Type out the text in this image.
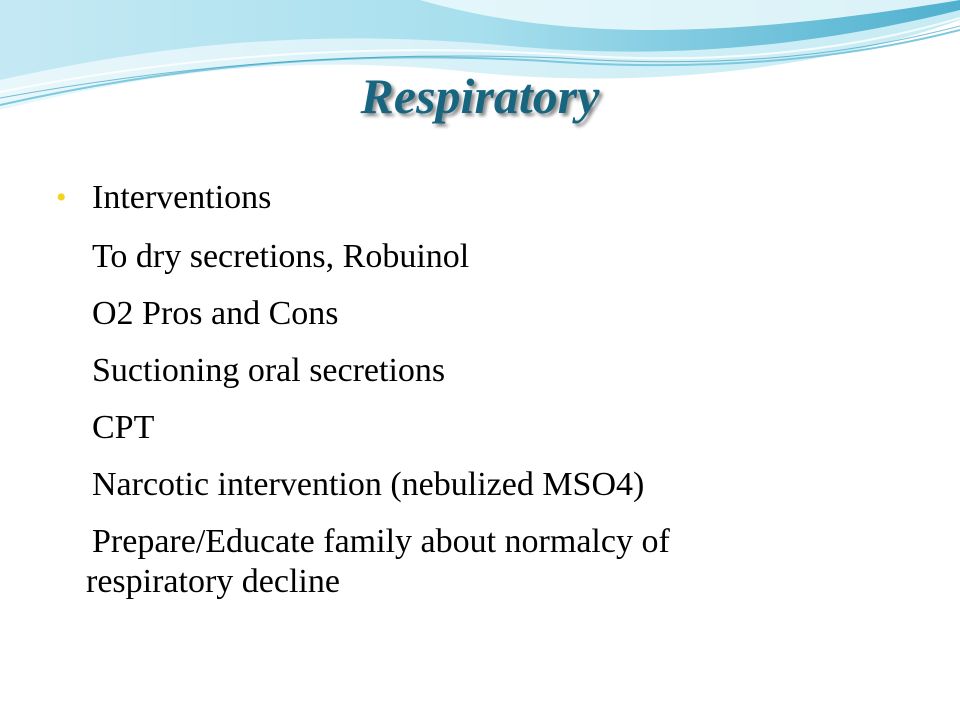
Respiratory
• Interventions
To dry secretions, Robuinol
O2 Pros and Cons
Suctioning oral secretions
CPT
Narcotic intervention (nebulized MSO4)
Prepare/Educate family about normalcy of
respiratory decline
